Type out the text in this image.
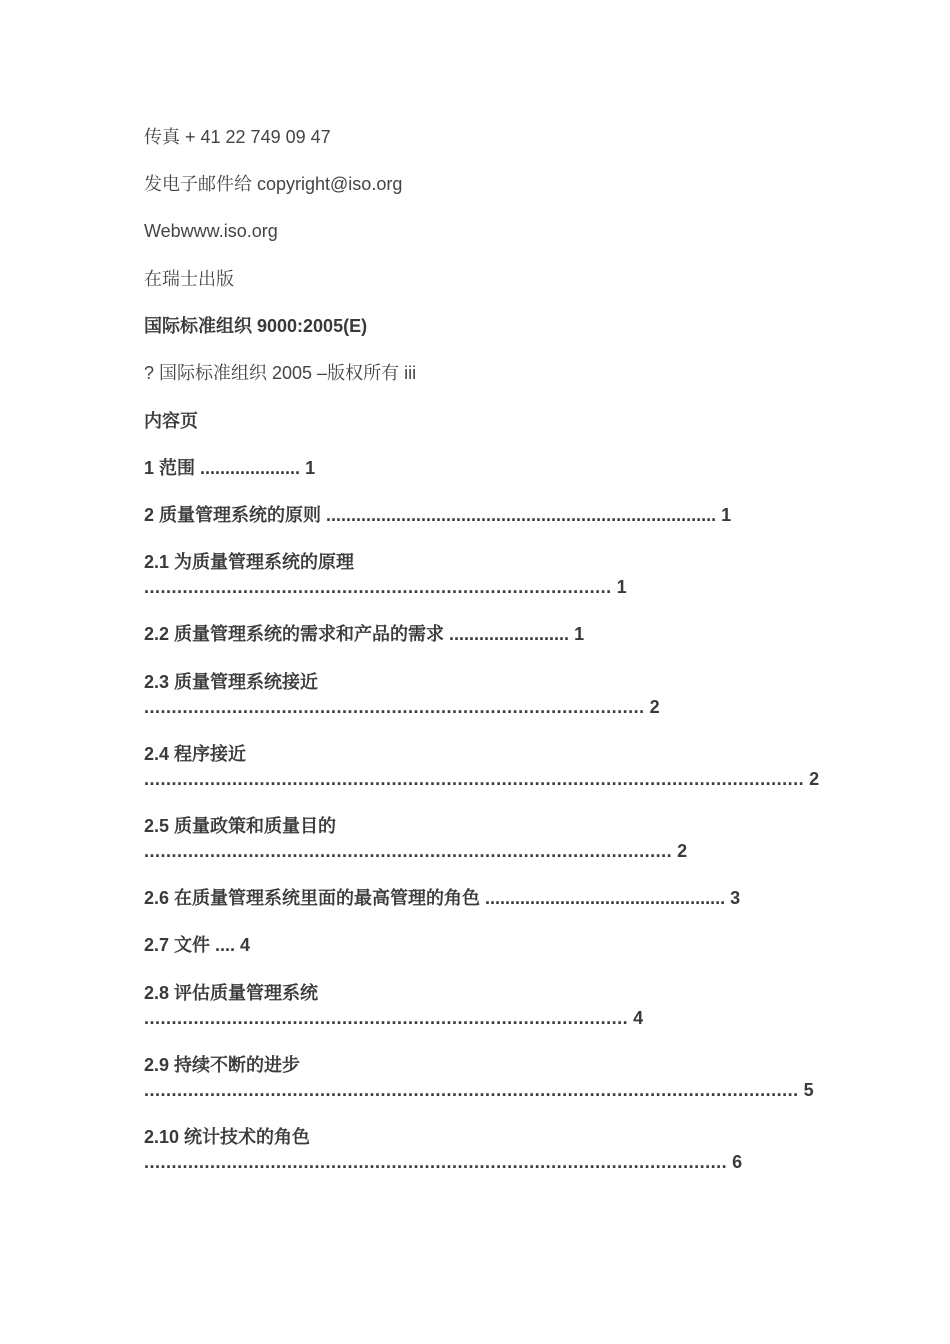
传真 + 41 22 749 09 47
发电子邮件给 copyright@iso.org
Webwww.iso.org
在瑞士出版
国际标准组织 9000:2005(E)
? 国际标准组织 2005 –版权所有 iii
内容页
1 范围 .................... 1
2 质量管理系统的原则 .............................................................................. 1
2.1 为质量管理系统的原理
..................................................................................... 1
2.2 质量管理系统的需求和产品的需求 ........................ 1
2.3 质量管理系统接近
........................................................................................... 2
2.4 程序接近
........................................................................................................................ 2
2.5 质量政策和质量目的
................................................................................................ 2
2.6 在质量管理系统里面的最高管理的角色 ................................................ 3
2.7 文件 .... 4
2.8 评估质量管理系统
........................................................................................ 4
2.9 持续不断的进步
....................................................................................................................... 5
2.10 统计技术的角色
.......................................................................................................... 6
